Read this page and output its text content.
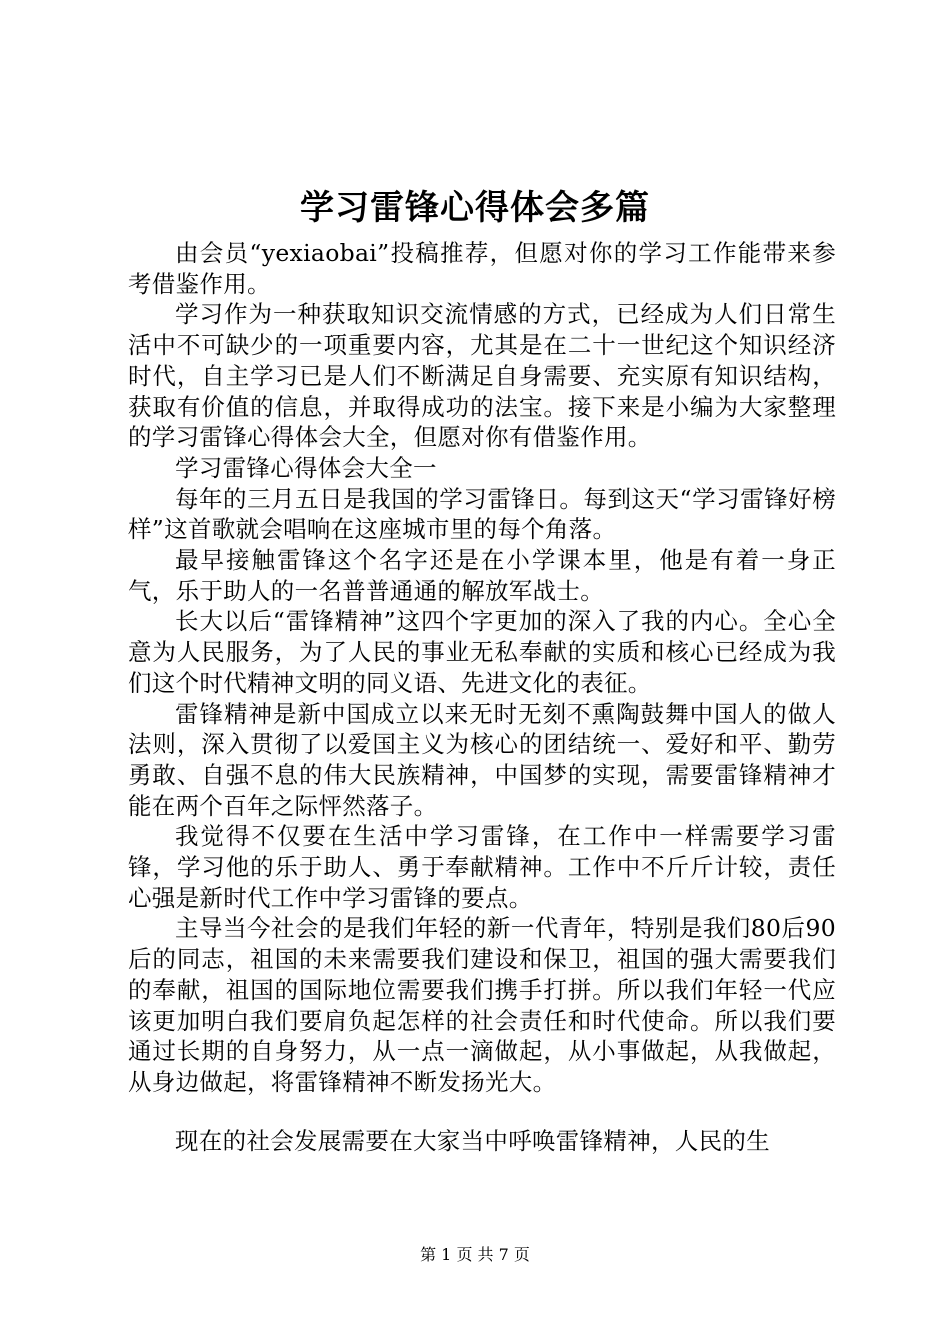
学习雷锋心得体会多篇

由会员“yexiaobai”投稿推荐，但愿对你的学习工作能带来参考借鉴作用。

学习作为一种获取知识交流情感的方式，已经成为人们日常生活中不可缺少的一项重要内容，尤其是在二十一世纪这个知识经济时代，自主学习已是人们不断满足自身需要、充实原有知识结构，获取有价值的信息，并取得成功的法宝。接下来是小编为大家整理的学习雷锋心得体会大全，但愿对你有借鉴作用。

学习雷锋心得体会大全一

每年的三月五日是我国的学习雷锋日。每到这天“学习雷锋好榜样”这首歌就会唱响在这座城市里的每个角落。

最早接触雷锋这个名字还是在小学课本里，他是有着一身正气，乐于助人的一名普普通通的解放军战士。

长大以后“雷锋精神”这四个字更加的深入了我的内心。全心全意为人民服务，为了人民的事业无私奉献的实质和核心已经成为我们这个时代精神文明的同义语、先进文化的表征。

雷锋精神是新中国成立以来无时无刻不熏陶鼓舞中国人的做人法则，深入贯彻了以爱国主义为核心的团结统一、爱好和平、勤劳勇敢、自强不息的伟大民族精神，中国梦的实现，需要雷锋精神才能在两个百年之际怦然落子。

我觉得不仅要在生活中学习雷锋，在工作中一样需要学习雷锋，学习他的乐于助人、勇于奉献精神。工作中不斤斤计较，责任心强是新时代工作中学习雷锋的要点。

主导当今社会的是我们年轻的新一代青年，特别是我们80后90后的同志，祖国的未来需要我们建设和保卫，祖国的强大需要我们的奉献，祖国的国际地位需要我们携手打拼。所以我们年轻一代应该更加明白我们要肩负起怎样的社会责任和时代使命。所以我们要通过长期的自身努力，从一点一滴做起，从小事做起，从我做起，从身边做起，将雷锋精神不断发扬光大。

现在的社会发展需要在大家当中呼唤雷锋精神，人民的生

第 1 页 共 7 页
